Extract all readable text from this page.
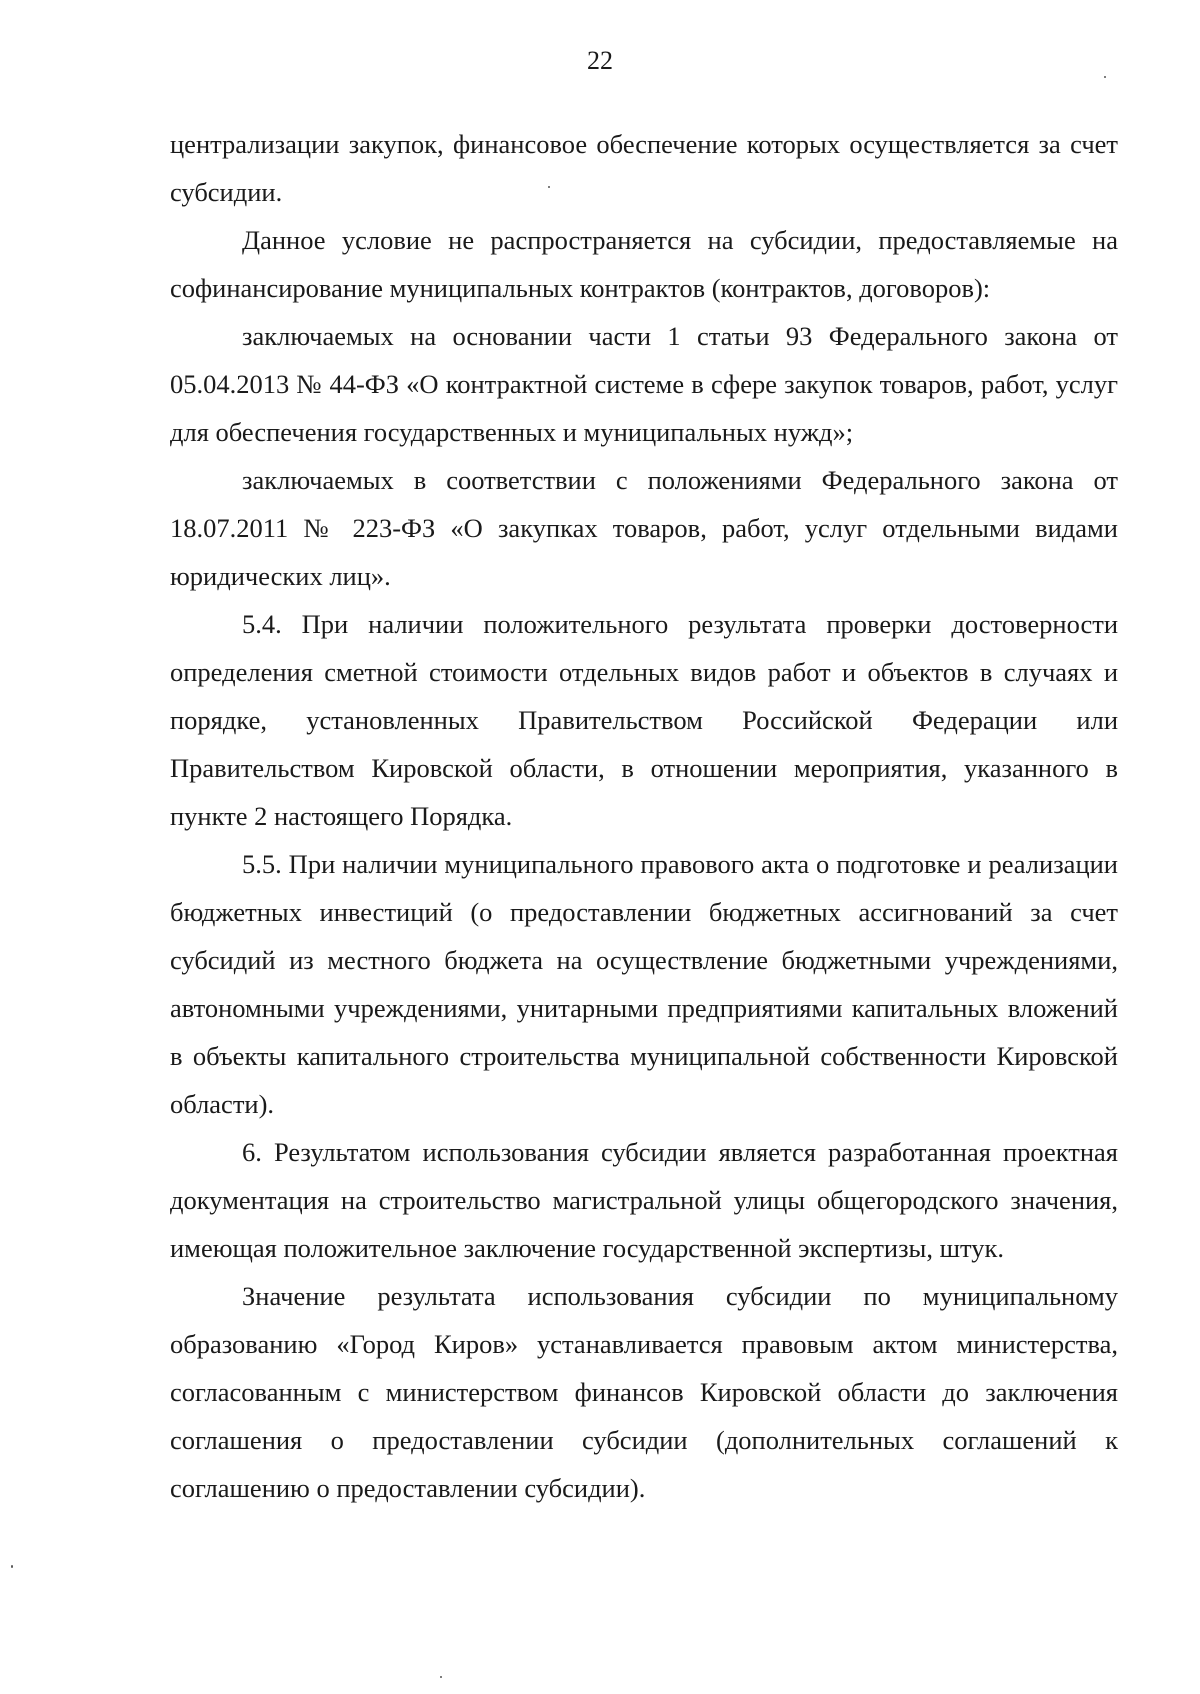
22

централизации закупок, финансовое обеспечение которых осуществляется за счет субсидии.

Данное условие не распространяется на субсидии, предоставляемые на софинансирование муниципальных контрактов (контрактов, договоров):

заключаемых на основании части 1 статьи 93 Федерального закона от 05.04.2013 № 44-ФЗ «О контрактной системе в сфере закупок товаров, работ, услуг для обеспечения государственных и муниципальных нужд»;

заключаемых в соответствии с положениями Федерального закона от 18.07.2011 № 223-ФЗ «О закупках товаров, работ, услуг отдельными видами юридических лиц».

5.4. При наличии положительного результата проверки достоверности определения сметной стоимости отдельных видов работ и объектов в случаях и порядке, установленных Правительством Российской Федерации или Правительством Кировской области, в отношении мероприятия, указанного в пункте 2 настоящего Порядка.

5.5. При наличии муниципального правового акта о подготовке и реализации бюджетных инвестиций (о предоставлении бюджетных ассигнований за счет субсидий из местного бюджета на осуществление бюджетными учреждениями, автономными учреждениями, унитарными предприятиями капитальных вложений в объекты капитального строительства муниципальной собственности Кировской области).

6. Результатом использования субсидии является разработанная проектная документация на строительство магистральной улицы общегородского значения, имеющая положительное заключение государственной экспертизы, штук.

Значение результата использования субсидии по муниципальному образованию «Город Киров» устанавливается правовым актом министерства, согласованным с министерством финансов Кировской области до заключения соглашения о предоставлении субсидии (дополнительных соглашений к соглашению о предоставлении субсидии).
